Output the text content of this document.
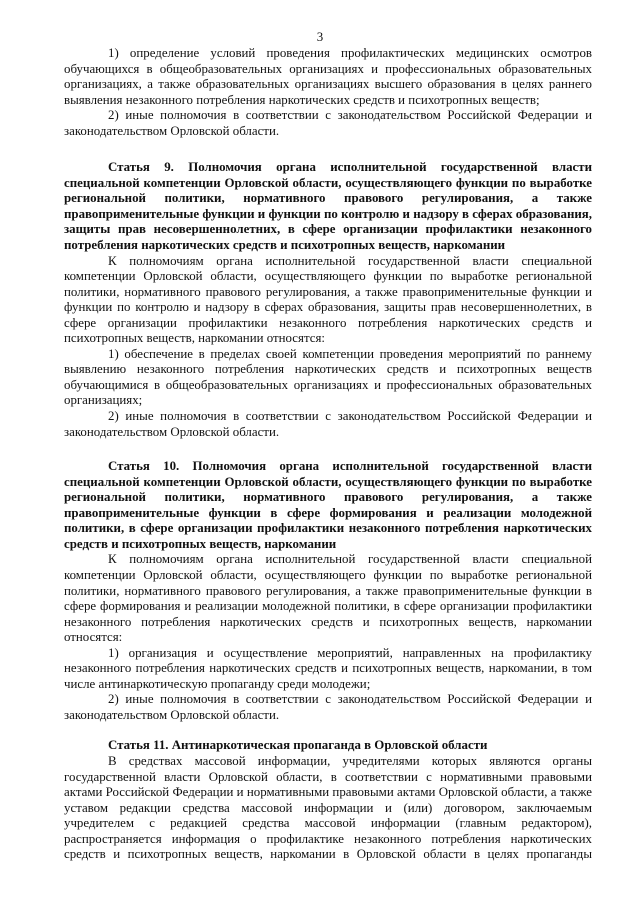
3

1) определение условий проведения профилактических медицинских осмотров обучающихся в общеобразовательных организациях и профессиональных образовательных организациях, а также образовательных организациях высшего образования в целях раннего выявления незаконного потребления наркотических средств и психотропных веществ;

2) иные полномочия в соответствии с законодательством Российской Федерации и законодательством Орловской области.

Статья 9. Полномочия органа исполнительной государственной власти специальной компетенции Орловской области, осуществляющего функции по выработке региональной политики, нормативного правового регулирования, а также правоприменительные функции и функции по контролю и надзору в сферах образования, защиты прав несовершеннолетних, в сфере организации профилактики незаконного потребления наркотических средств и психотропных веществ, наркомании

К полномочиям органа исполнительной государственной власти специальной компетенции Орловской области, осуществляющего функции по выработке региональной политики, нормативного правового регулирования, а также правоприменительные функции и функции по контролю и надзору в сферах образования, защиты прав несовершеннолетних, в сфере организации профилактики незаконного потребления наркотических средств и психотропных веществ, наркомании относятся:

1) обеспечение в пределах своей компетенции проведения мероприятий по раннему выявлению незаконного потребления наркотических средств и психотропных веществ обучающимися в общеобразовательных организациях и профессиональных образовательных организациях;

2) иные полномочия в соответствии с законодательством Российской Федерации и законодательством Орловской области.

Статья 10. Полномочия органа исполнительной государственной власти специальной компетенции Орловской области, осуществляющего функции по выработке региональной политики, нормативного правового регулирования, а также правоприменительные функции в сфере формирования и реализации молодежной политики, в сфере организации профилактики незаконного потребления наркотических средств и психотропных веществ, наркомании

К полномочиям органа исполнительной государственной власти специальной компетенции Орловской области, осуществляющего функции по выработке региональной политики, нормативного правового регулирования, а также правоприменительные функции в сфере формирования и реализации молодежной политики, в сфере организации профилактики незаконного потребления наркотических средств и психотропных веществ, наркомании относятся:

1) организация и осуществление мероприятий, направленных на профилактику незаконного потребления наркотических средств и психотропных веществ, наркомании, в том числе антинаркотическую пропаганду среди молодежи;

2) иные полномочия в соответствии с законодательством Российской Федерации и законодательством Орловской области.

Статья 11. Антинаркотическая пропаганда в Орловской области

В средствах массовой информации, учредителями которых являются органы государственной власти Орловской области, в соответствии с нормативными правовыми актами Российской Федерации и нормативными правовыми актами Орловской области, а также уставом редакции средства массовой информации и (или) договором, заключаемым учредителем с редакцией средства массовой информации (главным редактором), распространяется информация о профилактике незаконного потребления наркотических средств и психотропных веществ, наркомании в Орловской области в целях пропаганды
